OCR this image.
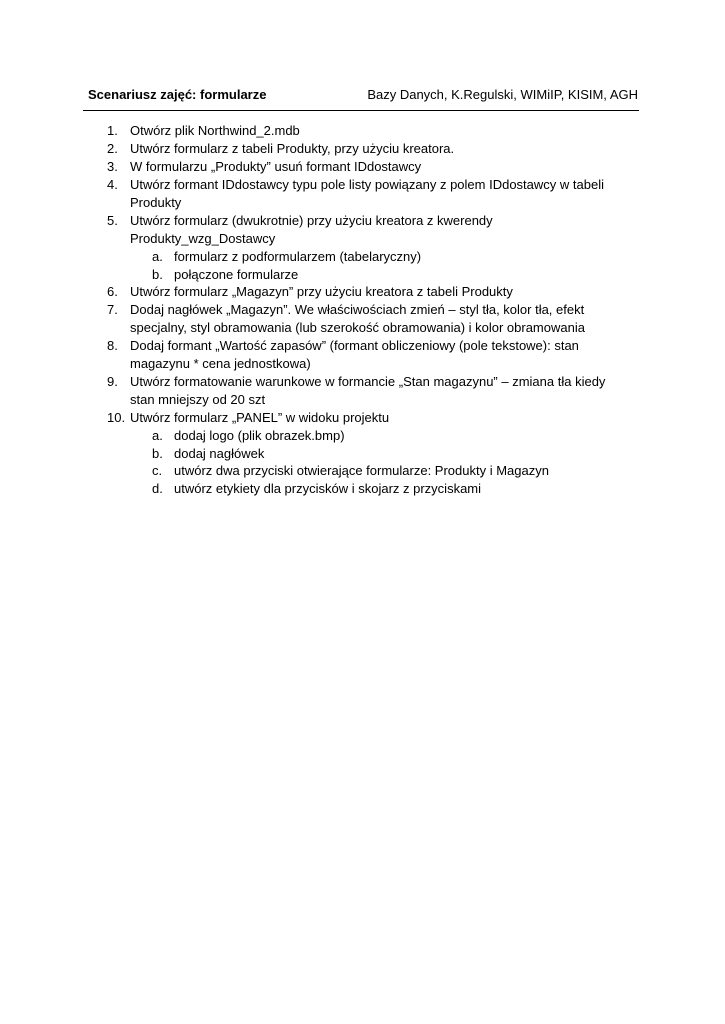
Scenariusz zajęć: formularze	Bazy Danych, K.Regulski, WIMiIP, KISIM, AGH
1. Otwórz plik Northwind_2.mdb
2. Utwórz formularz z tabeli Produkty, przy użyciu kreatora.
3. W formularzu „Produkty” usuń formant IDdostawcy
4. Utwórz formant IDdostawcy typu pole listy powiązany z polem IDdostawcy w tabeli Produkty
5. Utwórz formularz (dwukrotnie) przy użyciu kreatora z kwerendy Produkty_wzg_Dostawcy
a. formularz z podformularzem (tabelaryczny)
b. połączone formularze
6. Utwórz formularz „Magazyn” przy użyciu kreatora z tabeli Produkty
7. Dodaj nagłówek „Magazyn”. We właściwościach zmień – styl tła, kolor tła, efekt specjalny, styl obramowania (lub szerokość obramowania) i kolor obramowania
8. Dodaj formant „Wartość zapasów” (formant obliczeniowy (pole tekstowe): stan magazynu * cena jednostkowa)
9. Utwórz formatowanie warunkowe w formancie „Stan magazynu” – zmiana tła kiedy stan mniejszy od 20 szt
10. Utwórz formularz „PANEL” w widoku projektu
a. dodaj logo (plik obrazek.bmp)
b. dodaj nagłówek
c. utwórz dwa przyciski otwierające formularze: Produkty i Magazyn
d. utwórz etykiety dla przycisków i skojarz z przyciskami
